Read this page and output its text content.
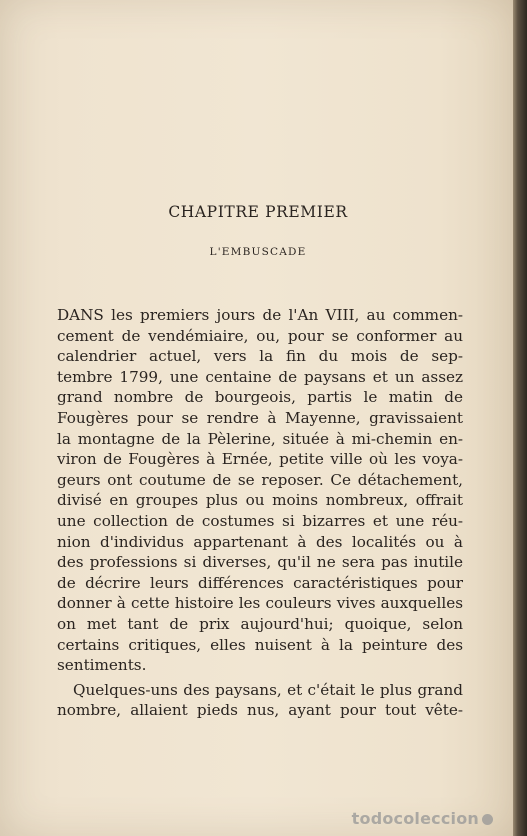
CHAPITRE PREMIER
L'EMBUSCADE
DANS les premiers jours de l'An VIII, au commen-
cement de vendémiaire, ou, pour se conformer au
calendrier actuel, vers la fin du mois de sep-
tembre 1799, une centaine de paysans et un assez
grand nombre de bourgeois, partis le matin de
Fougères pour se rendre à Mayenne, gravissaient
la montagne de la Pèlerine, située à mi-chemin en-
viron de Fougères à Ernée, petite ville où les voya-
geurs ont coutume de se reposer. Ce détachement,
divisé en groupes plus ou moins nombreux, offrait
une collection de costumes si bizarres et une réu-
nion d'individus appartenant à des localités ou à
des professions si diverses, qu'il ne sera pas inutile
de décrire leurs différences caractéristiques pour
donner à cette histoire les couleurs vives auxquelles
on met tant de prix aujourd'hui; quoique, selon
certains critiques, elles nuisent à la peinture des
sentiments.
Quelques-uns des paysans, et c'était le plus grand
nombre, allaient pieds nus, ayant pour tout vête-
todocoleccion
